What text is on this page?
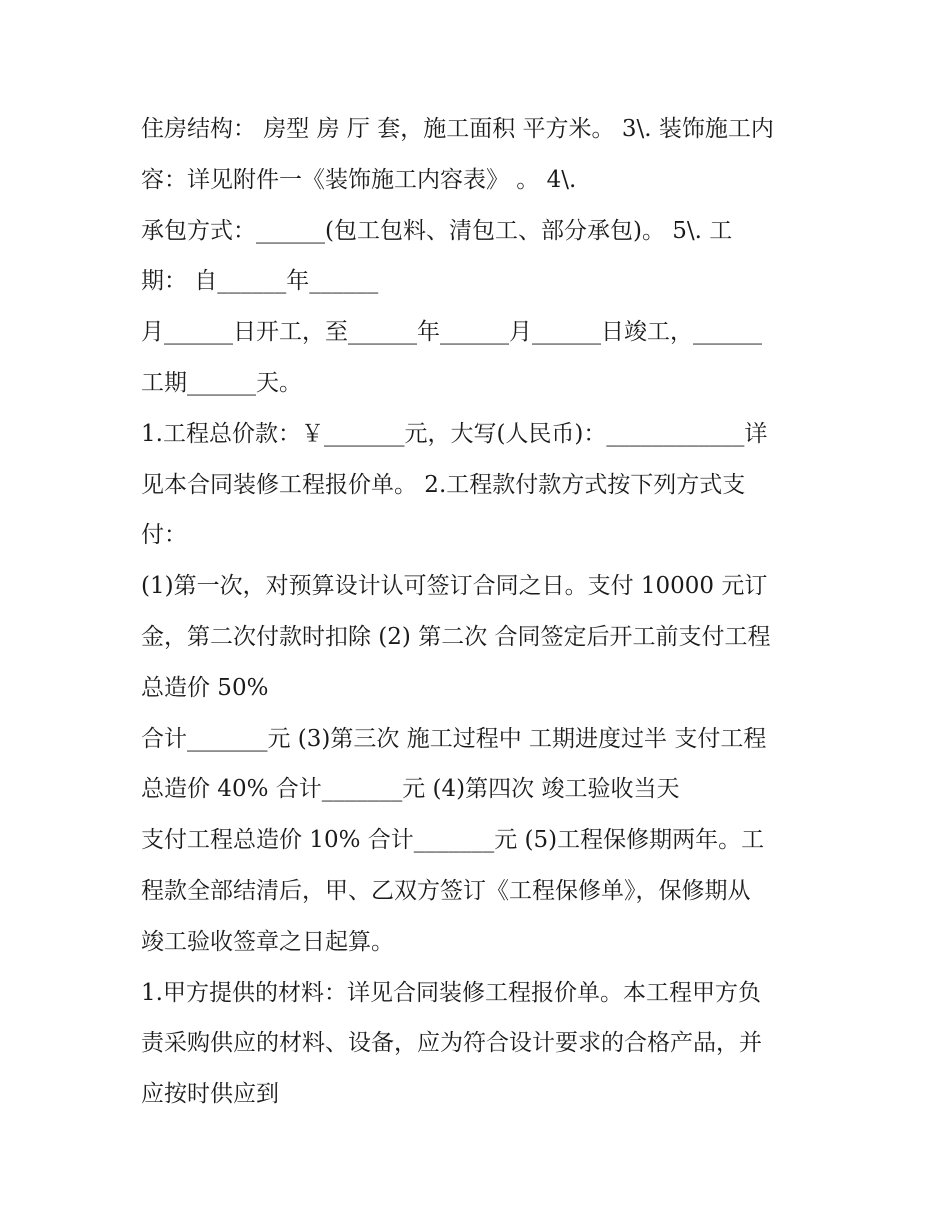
住房结构： 房型 房 厅 套，施工面积 平方米。 3\. 装饰施工内
容：详见附件一《装饰施工内容表》 。 4\.
承包方式：______(包工包料、清包工、部分承包)。 5\. 工
期： 自______年______
月______日开工，至______年______月______日竣工，______
工期______天。
1.工程总价款：￥_______元，大写(人民币)：____________详
见本合同装修工程报价单。 2.工程款付款方式按下列方式支
付：
(1)第一次，对预算设计认可签订合同之日。支付 10000 元订
金，第二次付款时扣除 (2) 第二次 合同签定后开工前支付工程
总造价 50%
合计_______元 (3)第三次 施工过程中 工期进度过半 支付工程
总造价 40% 合计_______元 (4)第四次 竣工验收当天
支付工程总造价 10% 合计_______元 (5)工程保修期两年。工
程款全部结清后，甲、乙双方签订《工程保修单》，保修期从
竣工验收签章之日起算。
1.甲方提供的材料：详见合同装修工程报价单。本工程甲方负
责采购供应的材料、设备，应为符合设计要求的合格产品，并
应按时供应到
